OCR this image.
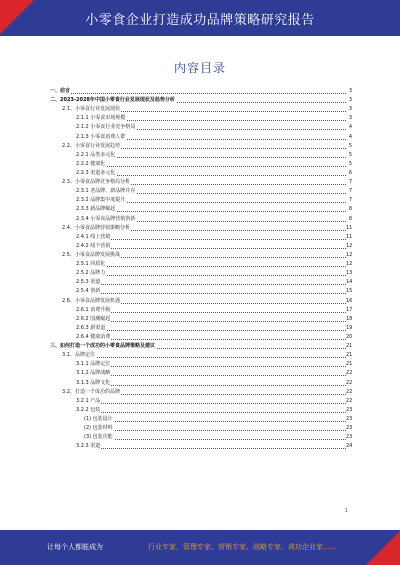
小零食企业打造成功品牌策略研究报告
内容目录
一、前言	3
二、2023-2028年中国小零食行业发展现状及趋势分析	3
2.1、小零食行业发展现状	3
2.1.1 小零食市场规模	3
2.1.2 小零食行业竞争格局	4
2.1.3 小零食消费人群	4
2.2、小零食行业发展趋势	5
2.2.1 品类多元化	5
2.2.2 健康化	5
2.2.3 渠道多元化	6
2.3、小零食品牌竞争格局分析	7
2.3.1 老品牌、新品牌并存	7
2.3.2 品牌集中度提升	7
2.3.3 新品牌崛起	8
2.3.4 小零食品牌营销创新	8
2.4、小零食品牌营销策略分析	11
2.4.1 线上营销	11
2.4.2 线下营销	12
2.5、小零食品牌发展挑战	12
2.5.1 同质化	12
2.5.2 品牌力	13
2.5.3 渠道	14
2.5.4 创新	15
2.6、小零食品牌发展机遇	16
2.6.1 消费升级	17
2.6.2 国潮崛起	18
2.6.3 新渠道	19
2.6.4 健康消费	20
三、如何打造一个成功的小零食品牌策略及建议	21
3.1、品牌定位	21
3.1.1 品牌定位	21
3.1.2 品牌战略	22
3.1.3 品牌文化	22
3.2、打造一个成功的品牌	22
3.2.1 产品	22
3.2.2 包装	23
(1) 包装设计	23
(2) 包装材料	23
(3) 包装功能	23
3.2.3 渠道	24
1
让每个人都能成为	行业专家、管理专家、营销专家、战略专家、成功企业家……
